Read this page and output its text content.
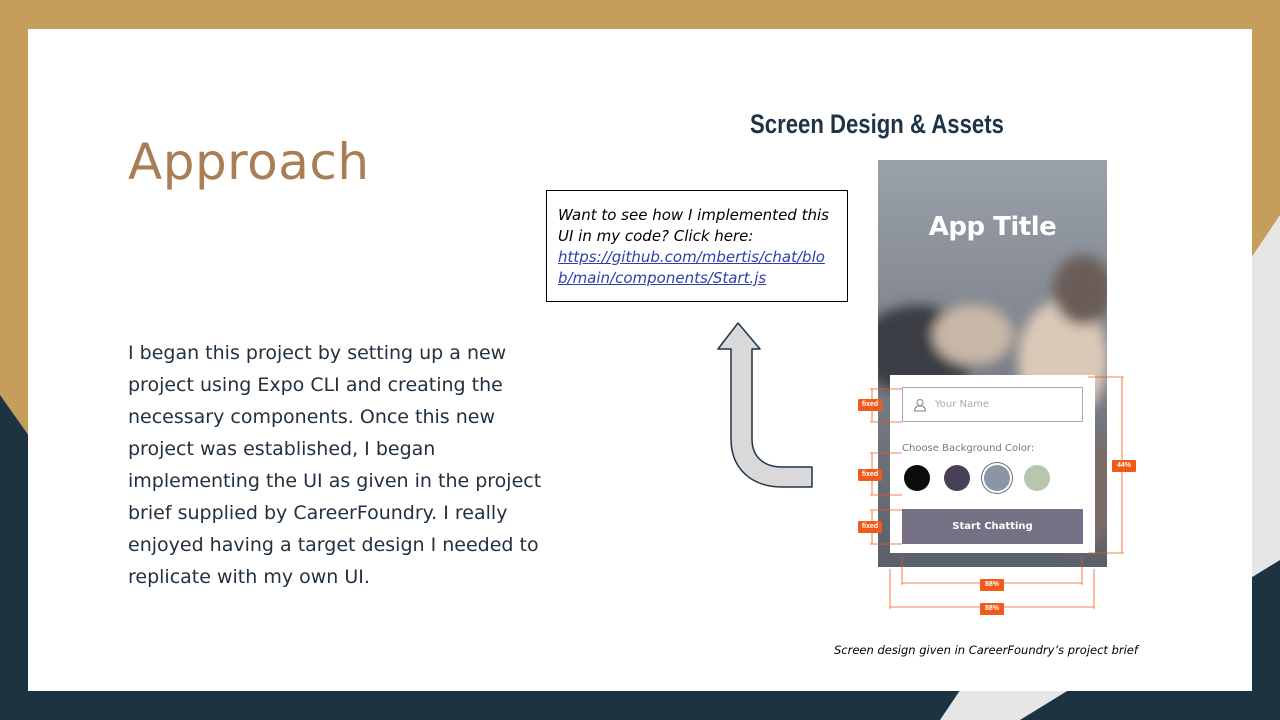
Approach

I began this project by setting up a new project using Expo CLI and creating the necessary components. Once this new project was established, I began implementing the UI as given in the project brief supplied by CareerFoundry. I really enjoyed having a target design I needed to replicate with my own UI.

Screen Design & Assets
Want to see how I implemented this UI in my code? Click here:
https://github.com/mbertis/chat/blob/main/components/Start.js
App Title
Your Name
Choose Background Color:
Start Chatting
fixed
fixed
fixed
44%
88%
88%

Screen design given in CareerFoundry’s project brief
